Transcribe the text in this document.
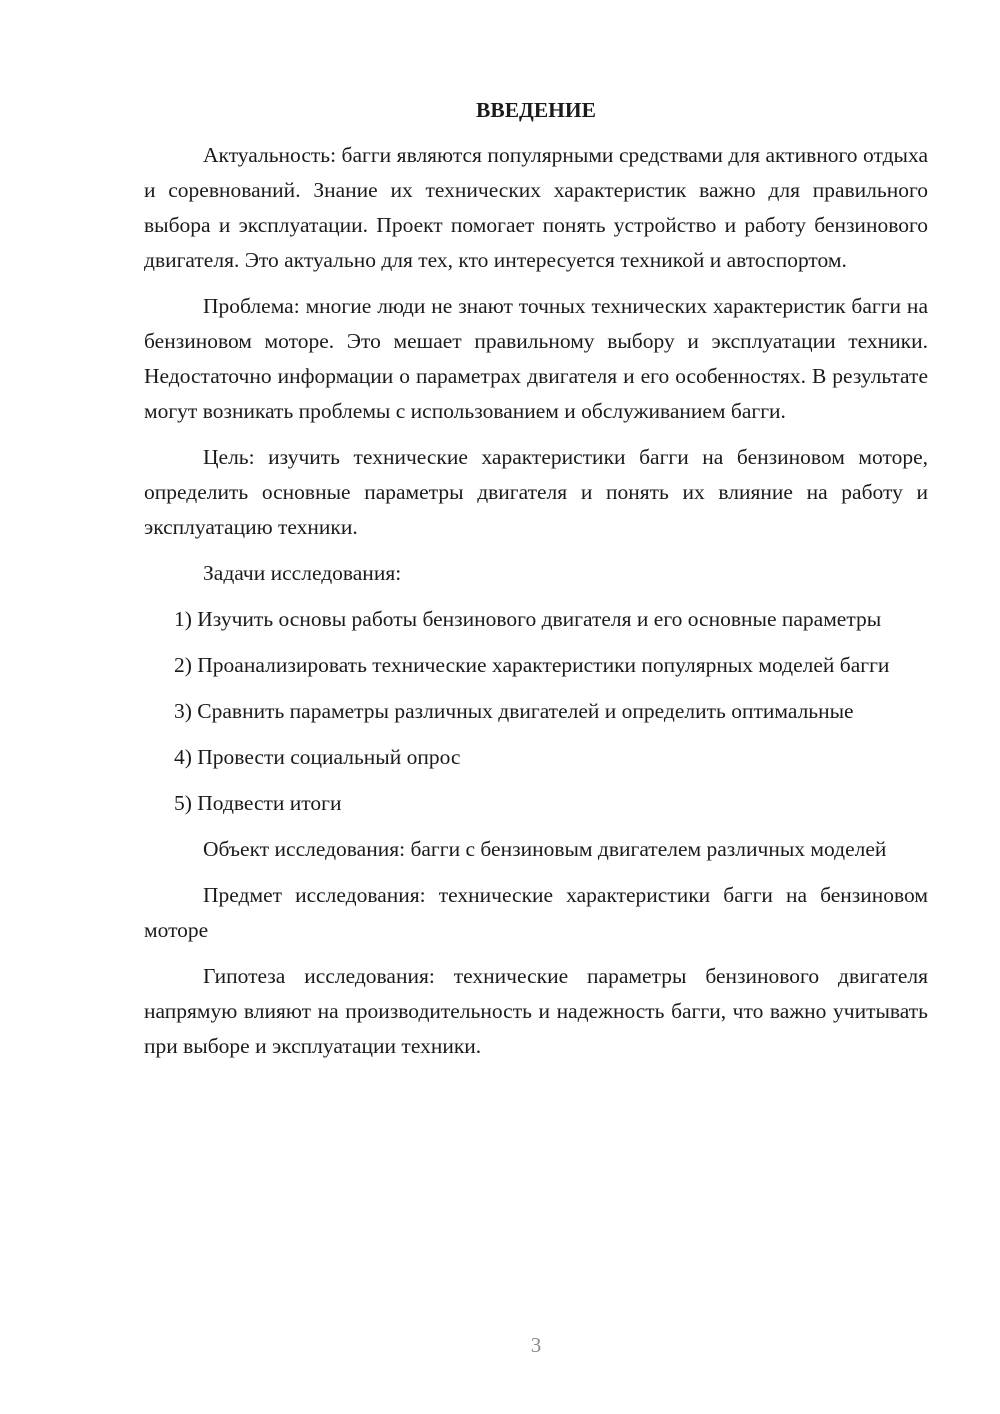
ВВЕДЕНИЕ

Актуальность: багги являются популярными средствами для активного отдыха и соревнований. Знание их технических характеристик важно для правильного выбора и эксплуатации. Проект помогает понять устройство и работу бензинового двигателя. Это актуально для тех, кто интересуется техникой и автоспортом.

Проблема: многие люди не знают точных технических характеристик багги на бензиновом моторе. Это мешает правильному выбору и эксплуатации техники. Недостаточно информации о параметрах двигателя и его особенностях. В результате могут возникать проблемы с использованием и обслуживанием багги.

Цель: изучить технические характеристики багги на бензиновом моторе, определить основные параметры двигателя и понять их влияние на работу и эксплуатацию техники.

Задачи исследования:

1) Изучить основы работы бензинового двигателя и его основные параметры

2) Проанализировать технические характеристики популярных моделей багги

3) Сравнить параметры различных двигателей и определить оптимальные

4) Провести социальный опрос

5) Подвести итоги

Объект исследования: багги с бензиновым двигателем различных моделей

Предмет исследования: технические характеристики багги на бензиновом моторе

Гипотеза исследования: технические параметры бензинового двигателя напрямую влияют на производительность и надежность багги, что важно учитывать при выборе и эксплуатации техники.

3
